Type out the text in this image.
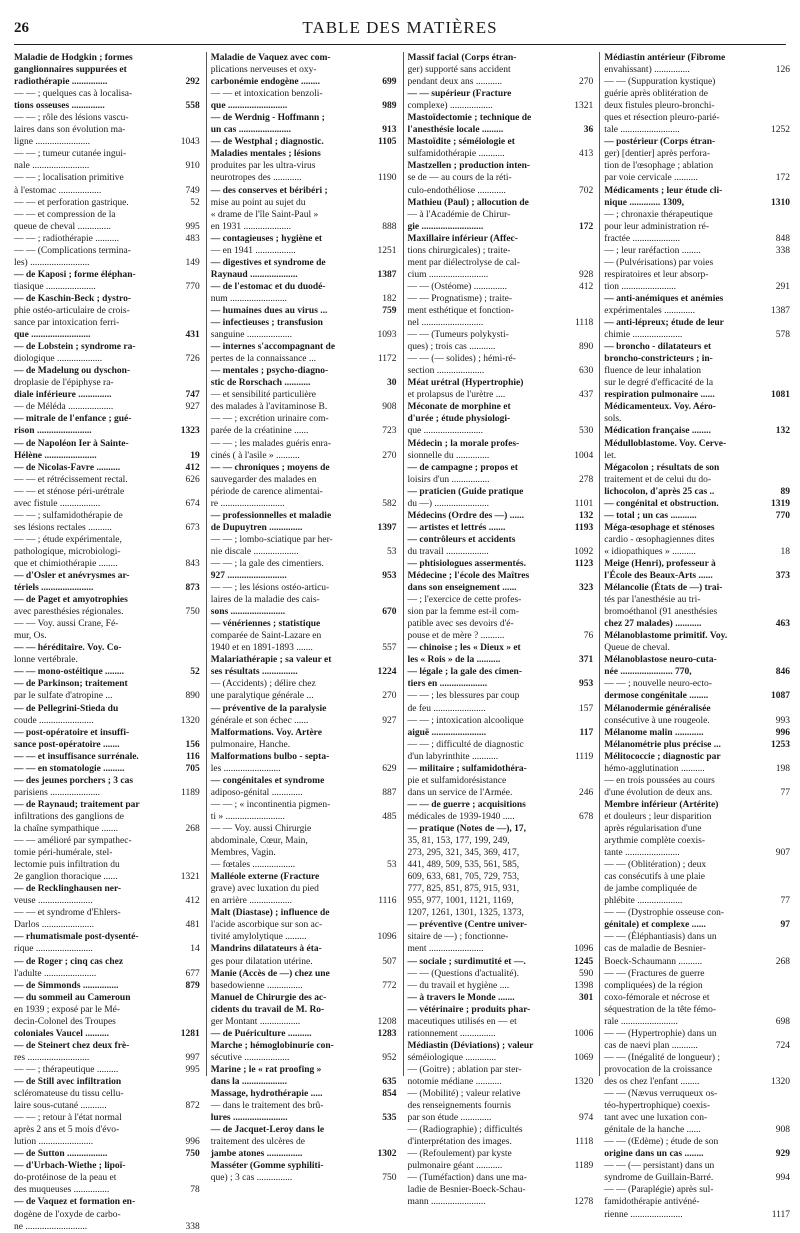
26	TABLE DES MATIÈRES
Maladie de Hodgkin ; formes
ganglionnaires suppurées et
radiothérapie ...............	292
— — ; quelques cas à localisa-
tions osseuses ..............	558
— — ; rôle des lésions vascu-
laires dans son évolution ma-
ligne .......................	1043
— — ; tumeur cutanée ingui-
nale ........................	910
— — ; localisation primitive
à l'estomac ..................	749
— — et perforation gastrique.	52
— — et compression de la
queue de cheval ..............	995
— — ; radiothérapie ..........	483
— — (Complications termina-
les) .........................	149
— de Kaposi ; forme éléphan-
tiasique .....................	770
— de Kaschin-Beck ; dystro-
phie ostéo-articulaire de crois-
sance par intoxication ferri-
que .........................	431
— de Lobstein ; syndrome ra-
diologique ...................	726
— de Madelung ou dyschon-
droplasie de l'épiphyse ra-
diale inférieure ..............	747
— de Méléda ...................	927
— mitrale de l'enfance ; gué-
rison .......................	1323
— de Napoléon Ier à Sainte-
Hélène ......................	19
— de Nicolas-Favre ..........	412
— — et rétrécissement rectal.	626
— — et sténose péri-urétrale
avec fistule .................	674
— — ; sulfamidothérapie de
ses lésions rectales ..........	673
— — ; étude expérimentale,
pathologique, microbiologi-
que et chimiothérapie ........	843
— d'Osler et anévrysmes ar-
tériels ......................	873
— de Paget et amyotrophies
avec paresthésies régionales.	750
— — Voy. aussi Crane, Fé-
mur, Os.
— — héréditaire. Voy. Co-
lonne vertébrale.
— — mono-ostéitique ........	52
— de Parkinson; traitement
par le sulfate d'atropine ...	890
— de Pellegrini-Stieda du
coude .......................	1320
— post-opératoire et insuffi-
sance post-opératoire .......	156
— — et insuffisance surrénale.	116
— — en stomatologie .........	705
— des jeunes porchers ; 3 cas
parisiens .....................	1189
— de Raynaud; traitement par
infiltrations des ganglions de
la chaîne sympathique .......	268
— — amélioré par sympathec-
tomie péri-humérale, stel-
lectomie puis infiltration du
2e ganglion thoracique ......	1321
— de Recklinghausen ner-
veuse .......................	412
— — et syndrome d'Ehlers-
Darlos ......................	481
— rhumatismale post-dysenté-
rique ........................	14
— de Roger ; cinq cas chez
l'adulte ......................	677
— de Simmonds ...............	879
— du sommeil au Cameroun
en 1939 ; exposé par le Mé-
decin-Colonel des Troupes
coloniales Vaucel ..........	1281
— de Steinert chez deux frè-
res ..........................	997
— — ; thérapeutique .........	995
— de Still avec infiltration
scléromateuse du tissu cellu-
laire sous-cutané ...........	872
— — ; retour à l'état normal
après 2 ans et 5 mois d'évo-
lution .......................	996
— de Sutton .................	750
— d'Urbach-Wiethe ; lipoï-
do-protéinose de la peau et
des muqueuses ...............	78
— de Vaquez et formation en-
dogène de l'oxyde de carbo-
ne ..........................	338
Maladie de Vaquez avec com-
plications nerveuses et oxy-
carbonémie endogène ........	699
— — et intoxication benzoli-
que .........................	989
— de Werdnig - Hoffmann ;
un cas ......................	913
— de Westphal ; diagnostic.	1105
Maladies mentales ; lésions
produites par les ultra-virus
neurotropes des ............	1190
— des conserves et béribéri ;
mise au point au sujet du
« drame de l'île Saint-Paul »
en 1931 ....................	888
— contagieuses ; hygiène et
— en 1941 .................	1251
— digestives et syndrome de
Raynaud ....................	1387
— de l'estomac et du duodé-
num ........................	182
— humaines dues au virus ...	759
— infectieuses ; transfusion
sanguine ...................	1093
— internes s'accompagnant de
pertes de la connaissance ...	1172
— mentales ; psycho-diagno-
stic de Rorschach ...........	30
— et sensibilité particulière
des malades à l'avitaminose B.	908
— — ; excrétion urinaire com-
parée de la créatinine ......	723
— — ; les malades guéris enra-
cinés ( à l'asile » ..........	270
— — chroniques ; moyens de
sauvegarder des malades en
période de carence alimentai-
re ...........................	582
— professionnelles et maladie
de Dupuytren ..............	1397
— — ; lombo-sciatique par her-
nie discale ...................	53
— — ; la gale des cimentiers.
927 .........................	953
— — ; les lésions ostéo-articu-
laires de la maladie des cais-
sons .......................	670
— vénériennes ; statistique
comparée de Saint-Lazare en
1940 et en 1891-1893 .......	557
Malariathérapie ; sa valeur et
ses résultats ...............	1224
— (Accidents) ; délire chez
une paralytique générale ...	270
— préventive de la paralysie
générale et son échec ......	927
Malformations. Voy. Artère
pulmonaire, Hanche.
Malformations bulbo - septa-
les ........................	629
— congénitales et syndrome
adiposo-génital .............	887
— — ; « incontinentia pigmen-
ti » .........................	485
— — Voy. aussi Chirurgie
abdominale, Cœur, Main,
Membres, Vagin.
— fœtales ..................	53
Malléole externe (Fracture
grave) avec luxation du pied
en arrière ..................	1116
Malt (Diastase) ; influence de
l'acide ascorbique sur son ac-
tivité amylolytique .........	1096
Mandrins dilatateurs à éta-
ges pour dilatation utérine.	507
Manie (Accès de —) chez une
basedowienne ...............	772
Manuel de Chirurgie des ac-
cidents du travail de M. Ro-
ger Montant .................	1208
— de Puériculture ..........	1283
Marche ; hémoglobinurie con-
sécutive ...................	952
Marine ; le « rat proofing »
dans la ...................	635
Massage, hydrothérapie .....	854
— dans le traitement des brû-
lures .......................	535
— de Jacquet-Leroy dans le
traitement des ulcères de
jambe atones ...............	1302
Masséter (Gomme syphiliti-
que) ; 3 cas ...............	750
Massif facial (Corps étran-
ger) supporté sans accident
pendant deux ans ...........	270
— — supérieur (Fracture
complexe) ..................	1321
Mastoïdectomie ; technique de
l'anesthésie locale .........	36
Mastoïdite ; séméiologie et
sulfamidothérapie ...........	413
Mastzellen ; production inten-
se de — au cours de la réti-
culo-endothéliose ............	702
Mathieu (Paul) ; allocution de
— à l'Académie de Chirur-
gie ..........................	172
Maxillaire inférieur (Affec-
tions chirurgicales) ; traite-
ment par diélectrolyse de cal-
cium .........................	928
— — (Ostéome) ..............	412
— — Prognatisme) ; traite-
ment esthétique et fonction-
nel ..........................	1118
— — (Tumeurs polykysti-
ques) ; trois cas ...........	890
— — (— solides) ; hémi-ré-
section ....................	630
Méat urétral (Hypertrophie)
et prolapsus de l'urètre ....	437
Méconate de morphine et
d'urée ; étude physiologi-
que .........................	530
Médecin ; la morale profes-
sionnelle du ..............	1004
— de campagne ; propos et
loisirs d'un ................	278
— praticien (Guide pratique
du —) .......................	1101
Médecins (Ordre des —) ......	132
— artistes et lettrés .......	1193
— contrôleurs et accidents
du travail ..................	1092
— phtisiologues assermentés.	1123
Médecine ; l'école des Maîtres
dans son enseignement ......	323
— ; l'exercice de cette profes-
sion par la femme est-il com-
patible avec ses devoirs d'é-
pouse et de mère ? ..........	76
— chinoise ; les « Dieux » et
les « Rois » de la ..........	371
— légale ; la gale des cimen-
tiers en ....................	953
— — ; les blessures par coup
de feu ......................	157
— — ; intoxication alcoolique
aiguë .......................	117
— — ; difficulté de diagnostic
d'un labyrinthite ...........	1119
— militaire ; sulfamidothéra-
pie et sulfamidorésistance
dans un service de l'Armée.	246
— — de guerre ; acquisitions
médicales de 1939-1940 .....	678
— pratique (Notes de —), 17,
35, 81, 153, 177, 199, 249,
273, 295, 321, 345, 369, 417,
441, 489, 509, 535, 561, 585,
609, 633, 681, 705, 729, 753,
777, 825, 851, 875, 915, 931,
955, 977, 1001, 1121, 1169,
1207, 1261, 1301, 1325, 1373,
— préventive (Centre univer-
sitaire de —) ; fonctionne-
ment .......................	1096
— sociale ; surdimutité et —.	1245
— — (Questions d'actualité).	590
— du travail et hygiène ....	1398
— à travers le Monde .......	301
— vétérinaire ; produits phar-
maceutiques utilisés en — et
rationnement ...............	1006
Médiastin (Déviations) ; valeur
séméiologique .............	1069
— (Goitre) ; ablation par ster-
notomie médiane ...........	1320
— (Mobilité) ; valeur relative
des renseignements fournis
par son étude .............	974
— (Radiographie) ; difficultés
d'interprétation des images.	1118
— (Refoulement) par kyste
pulmonaire géant ...........	1189
— (Tuméfaction) dans une ma-
ladie de Besnier-Boeck-Schau-
mann .......................	1278
Médiastin antérieur (Fibrome
envahissant) ...............	126
— — (Suppuration kystique)
guérie après oblitération de
deux fistules pleuro-bronchi-
ques et résection pleuro-parié-
tale .........................	1252
— postérieur (Corps étran-
ger) [dentier] après perfora-
tion de l'œsophage ; ablation
par voie cervicale ..........	172
Médicaments ; leur étude cli-
nique ............. 1309,	1310
— ; chronaxie thérapeutique
pour leur administration ré-
fractée ....................	848
— ; leur raréfaction ........	338
— (Pulvérisations) par voies
respiratoires et leur absorp-
tion .......................	291
— anti-anémiques et anémies
expérimentales .............	1387
— anti-lépreux; étude de leur
chimie .....................	578
— broncho - dilatateurs et
broncho-constricteurs ; in-
fluence de leur inhalation
sur le degré d'efficacité de la
respiration pulmonaire ......	1081
Médicamenteux. Voy. Aéro-
sols.
Médication française ........	132
Médulloblastome. Voy. Cerve-
let.
Mégacolon ; résultats de son
traitement et de celui du do-
lichocolon, d'après 25 cas ..	89
— congénital et obstruction.	1319
— total ; un cas ...........	770
Méga-œsophage et sténoses
cardio - œsophagiennes dites
« idiopathiques » ..........	18
Meige (Henri), professeur à
l'École des Beaux-Arts ......	373
Mélancolie (États de —) trai-
tés par l'anesthésie au tri-
bromoéthanol (91 anesthésies
chez 27 malades) ...........	463
Mélanoblastome primitif. Voy.
Queue de cheval.
Mélanoblastose neuro-cuta-
née ...................... 770,	846
— — ; nouvelle neuro-ecto-
dermose congénitale ........	1087
Mélanodermie généralisée
consécutive à une rougeole.	993
Mélanome malin ............	996
Mélanométrie plus précise ...	1253
Mélitococcie ; diagnostic par
hémo-agglutination ..........	198
— en trois poussées au cours
d'une évolution de deux ans.	77
Membre inférieur (Artérite)
et douleurs ; leur disparition
après régularisation d'une
arythmie complète coexis-
tante .......................	907
— — (Oblitération) ; deux
cas consécutifs à une plaie
de jambe compliquée de
phlébite ...................	77
— — (Dystrophie osseuse con-
génitale) et complexe ......	97
— — (Éléphantiasis) dans un
cas de maladie de Besnier-
Boeck-Schaumann ..........	268
— — (Fractures de guerre
compliquées) de la région
coxo-fémorale et nécrose et
séquestration de la tête fémo-
rale ........................	698
— — (Hypertrophie) dans un
cas de naevi plan ...........	724
— — (Inégalité de longueur) ;
provocation de la croissance
des os chez l'enfant ........	1320
— — (Nævus verruqueux os-
téo-hypertrophique) coexis-
tant avec une luxation con-
génitale de la hanche ......	908
— — (Œdème) ; étude de son
origine dans un cas ........	929
— — (— persistant) dans un
syndrome de Guillain-Barré.	994
— — (Paraplégie) après sul-
famidothérapie antivéné-
rienne ......................	1117
